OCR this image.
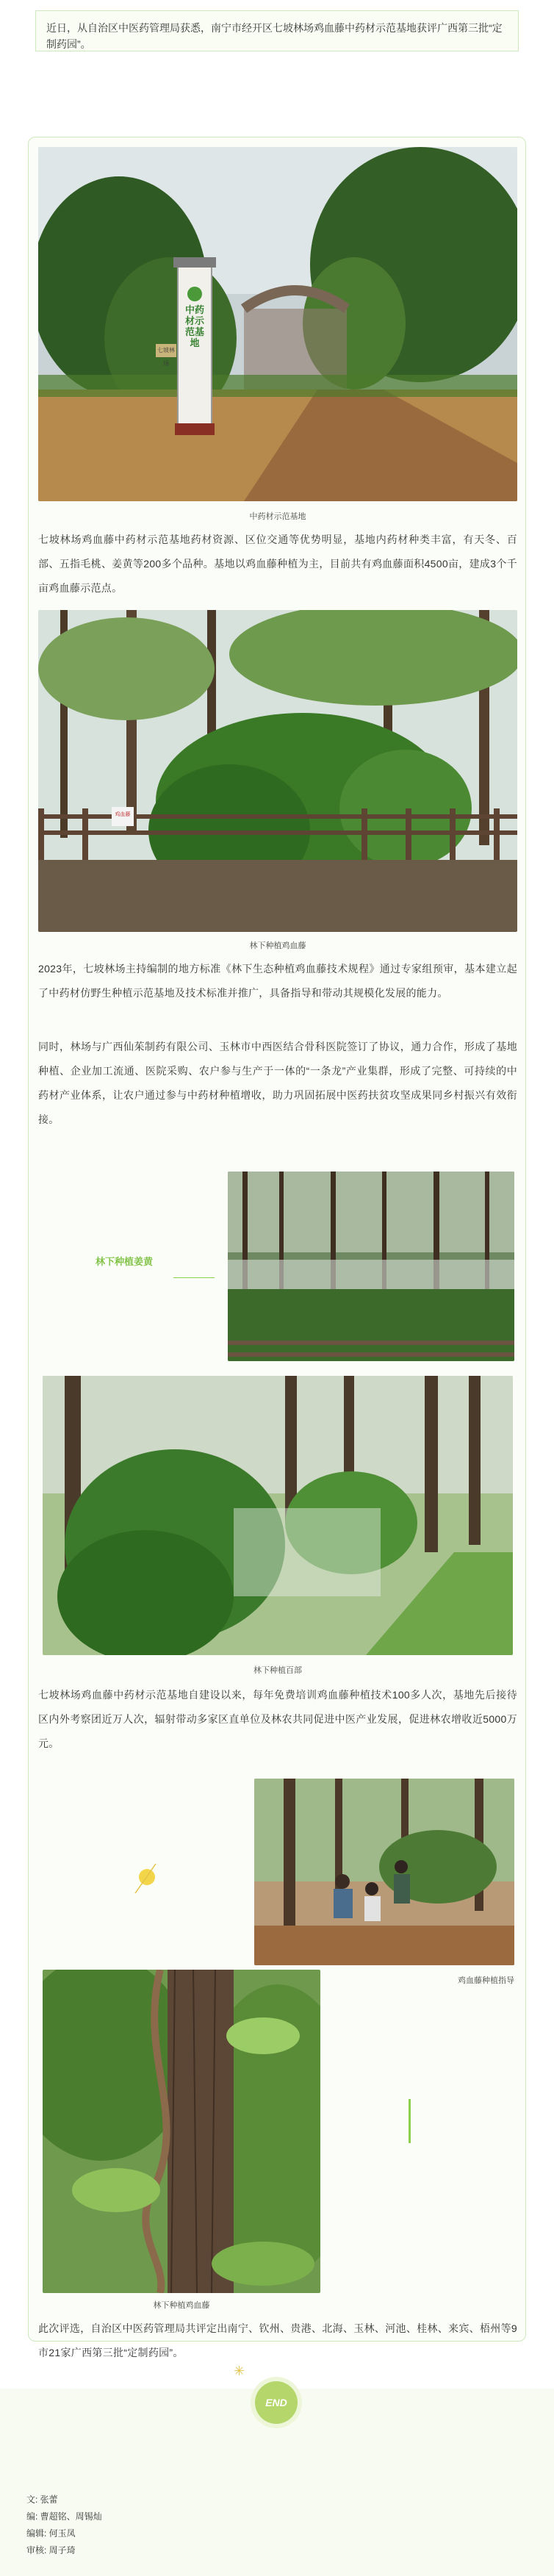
近日，从自治区中医药管理局获悉，南宁市经开区七坡林场鸡血藤中药材示范基地获评广西第三批“定制药园”。
中药材示范基地
七坡林场
中药材示范基地
七坡林场鸡血藤中药材示范基地药材资源、区位交通等优势明显，基地内药材种类丰富，有天冬、百部、五指毛桃、姜黄等200多个品种。基地以鸡血藤种植为主，目前共有鸡血藤面积4500亩，建成3个千亩鸡血藤示范点。
鸡血藤
林下种植鸡血藤
2023年，七坡林场主持编制的地方标准《林下生态种植鸡血藤技术规程》通过专家组预审，基本建立起了中药材仿野生种植示范基地及技术标准并推广，具备指导和带动其规模化发展的能力。
同时，林场与广西仙茱制药有限公司、玉林市中西医结合骨科医院签订了协议，通力合作，形成了基地种植、企业加工流通、医院采购、农户参与生产于一体的“一条龙”产业集群，形成了完整、可持续的中药材产业体系，让农户通过参与中药材种植增收，助力巩固拓展中医药扶贫攻坚成果同乡村振兴有效衔接。
林下种植姜黄
林下种植百部
七坡林场鸡血藤中药材示范基地自建设以来，每年免费培训鸡血藤种植技术100多人次，基地先后接待区内外考察团近万人次，辐射带动多家区直单位及林农共同促进中医产业发展，促进林农增收近5000万元。
鸡血藤种植指导
林下种植鸡血藤
此次评选，自治区中医药管理局共评定出南宁、钦州、贵港、北海、玉林、河池、桂林、来宾、梧州等9市21家广西第三批“定制药园”。
✳
END
文: 张蕾
编: 曹超铭、周锡灿
编辑: 何玉凤
审核: 周子琦
